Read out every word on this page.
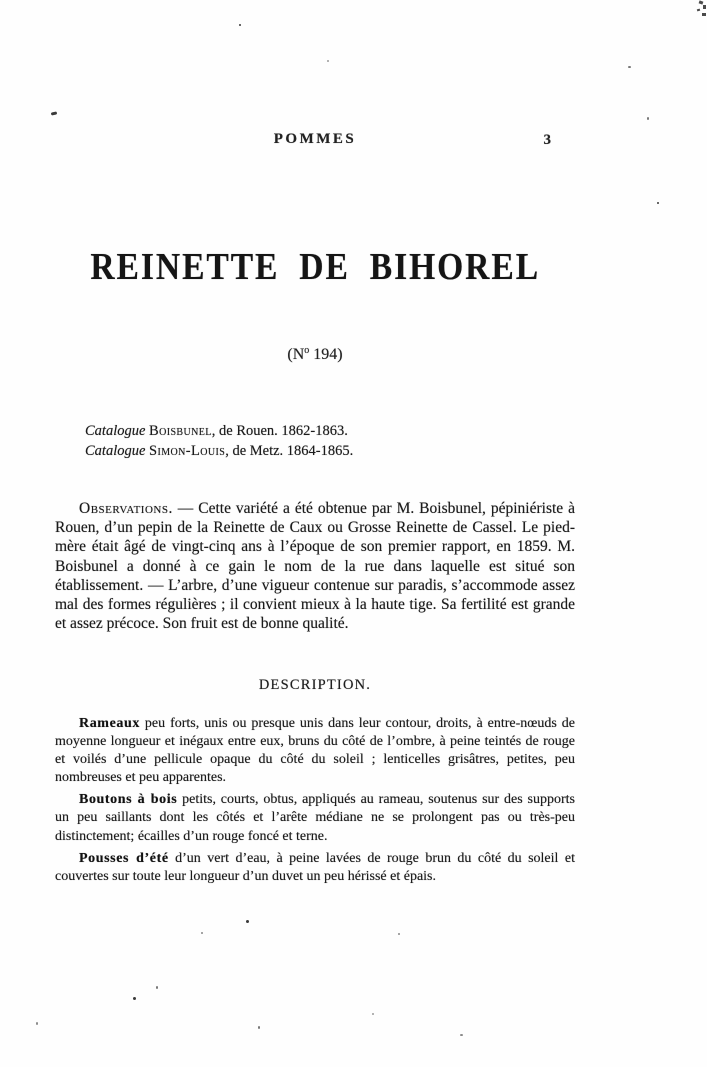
POMMES	3
REINETTE DE BIHOREL
($N^o$ 194)
Catalogue Boisbunel, de Rouen. 1862-1863.
Catalogue Simon-Louis, de Metz. 1864-1865.

Observations. — Cette variété a été obtenue par M. Boisbunel, pépiniériste à Rouen, d’un pepin de la Reinette de Caux ou Grosse Reinette de Cassel. Le pied-mère était âgé de vingt-cinq ans à l’époque de son premier rapport, en 1859. M. Boisbunel a donné à ce gain le nom de la rue dans laquelle est situé son établissement. — L’arbre, d’une vigueur contenue sur paradis, s’accommode assez mal des formes régulières ; il convient mieux à la haute tige. Sa fertilité est grande et assez précoce. Son fruit est de bonne qualité.

DESCRIPTION.

Rameaux peu forts, unis ou presque unis dans leur contour, droits, à entre-nœuds de moyenne longueur et inégaux entre eux, bruns du côté de l’ombre, à peine teintés de rouge et voilés d’une pellicule opaque du côté du soleil ; lenticelles grisâtres, petites, peu nombreuses et peu apparentes.

Boutons à bois petits, courts, obtus, appliqués au rameau, soutenus sur des supports un peu saillants dont les côtés et l’arête médiane ne se prolongent pas ou très-peu distinctement; écailles d’un rouge foncé et terne.

Pousses d’été d’un vert d’eau, à peine lavées de rouge brun du côté du soleil et couvertes sur toute leur longueur d’un duvet un peu hérissé et épais.
